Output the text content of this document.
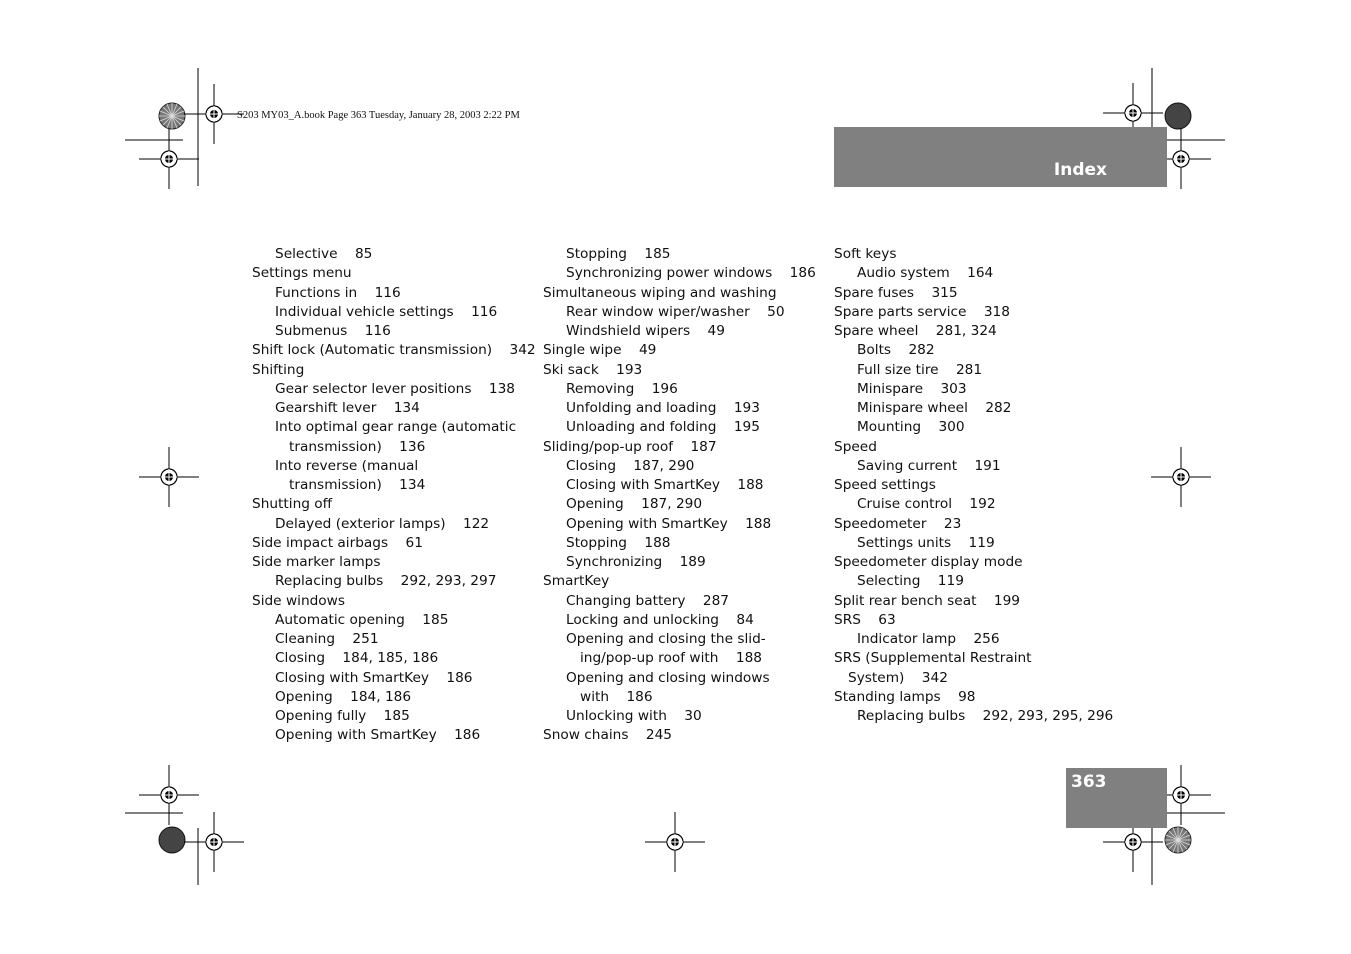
S203 MY03_A.book Page 363 Tuesday, January 28, 2003 2:22 PM
Index
Selective    85
Settings menu
Functions in    116
Individual vehicle settings    116
Submenus    116
Shift lock (Automatic transmission)    342
Shifting
Gear selector lever positions    138
Gearshift lever    134
Into optimal gear range (automatic
transmission)    136
Into reverse (manual
transmission)    134
Shutting off
Delayed (exterior lamps)    122
Side impact airbags    61
Side marker lamps
Replacing bulbs    292, 293, 297
Side windows
Automatic opening    185
Cleaning    251
Closing    184, 185, 186
Closing with SmartKey    186
Opening    184, 186
Opening fully    185
Opening with SmartKey    186
Stopping    185
Synchronizing power windows    186
Simultaneous wiping and washing
Rear window wiper/washer    50
Windshield wipers    49
Single wipe    49
Ski sack    193
Removing    196
Unfolding and loading    193
Unloading and folding    195
Sliding/pop-up roof    187
Closing    187, 290
Closing with SmartKey    188
Opening    187, 290
Opening with SmartKey    188
Stopping    188
Synchronizing    189
SmartKey
Changing battery    287
Locking and unlocking    84
Opening and closing the slid-
ing/pop-up roof with    188
Opening and closing windows
with    186
Unlocking with    30
Snow chains    245
Soft keys
Audio system    164
Spare fuses    315
Spare parts service    318
Spare wheel    281, 324
Bolts    282
Full size tire    281
Minispare    303
Minispare wheel    282
Mounting    300
Speed
Saving current    191
Speed settings
Cruise control    192
Speedometer    23
Settings units    119
Speedometer display mode
Selecting    119
Split rear bench seat    199
SRS    63
Indicator lamp    256
SRS (Supplemental Restraint
System)    342
Standing lamps    98
Replacing bulbs    292, 293, 295, 296
363
